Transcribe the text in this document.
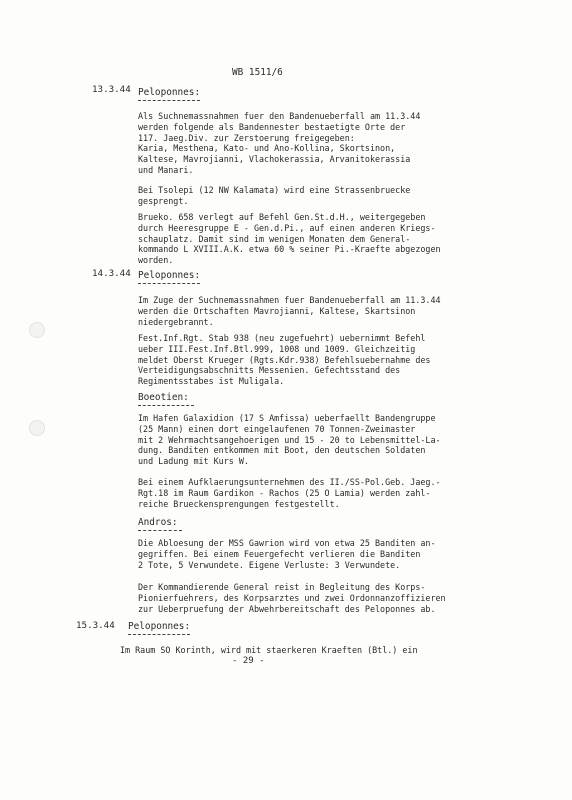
WB 1511/6
13.3.44 Peloponnes:
Als Suchnemassnahmen fuer den Bandenueberfall am 11.3.44
werden folgende als Bandennester bestaetigte Orte der
117. Jaeg.Div. zur Zerstoerung freigegeben:
Karia, Mesthena, Kato- und Ano-Kollina, Skortsinon,
Kaltese, Mavrojianni, Vlachokerassia, Arvanitokerassia
und Manari.
Bei Tsolepi (12 NW Kalamata) wird eine Strassenbruecke
gesprengt.
Brueko. 658 verlegt auf Befehl Gen.St.d.H., weitergegeben
durch Heeresgruppe E - Gen.d.Pi., auf einen anderen Kriegs-
schauplatz. Damit sind im wenigen Monaten dem General-
kommando L XVIII.A.K. etwa 60 % seiner Pi.-Kraefte abgezogen
worden.
14.3.44 Peloponnes:
Im Zuge der Suchnemassnahmen fuer Bandenueberfall am 11.3.44
werden die Ortschaften Mavrojianni, Kaltese, Skartsinon
niedergebrannt.
Fest.Inf.Rgt. Stab 938 (neu zugefuehrt) uebernimmt Befehl
ueber III.Fest.Inf.Btl.999, 1008 und 1009. Gleichzeitig
meldet Oberst Krueger (Rgts.Kdr.938) Befehlsuebernahme des
Verteidigungsabschnitts Messenien. Gefechtsstand des
Regimentsstabes ist Muligala.
Boeotien:
Im Hafen Galaxidion (17 S Amfissa) ueberfaellt Bandengruppe
(25 Mann) einen dort eingelaufenen 70 Tonnen-Zweimaster
mit 2 Wehrmachtsangehoerigen und 15 - 20 to Lebensmittel-La-
dung. Banditen entkommen mit Boot, den deutschen Soldaten
und Ladung mit Kurs W.
Bei einem Aufklaerungsunternehmen des II./SS-Pol.Geb. Jaeg.-
Rgt.18 im Raum Gardikon - Rachos (25 O Lamia) werden zahl-
reiche Brueckensprengungen festgestellt.
Andros:
Die Abloesung der MSS Gawrion wird von etwa 25 Banditen an-
gegriffen. Bei einem Feuergefecht verlieren die Banditen
2 Tote, 5 Verwundete. Eigene Verluste: 3 Verwundete.
Der Kommandierende General reist in Begleitung des Korps-
Pionierfuehrers, des Korpsarztes und zwei Ordonnanzoffizieren
zur Ueberpruefung der Abwehrbereitschaft des Peloponnes ab.
15.3.44 Peloponnes:
Im Raum SO Korinth, wird mit staerkeren Kraeften (Btl.) ein
- 29 -
